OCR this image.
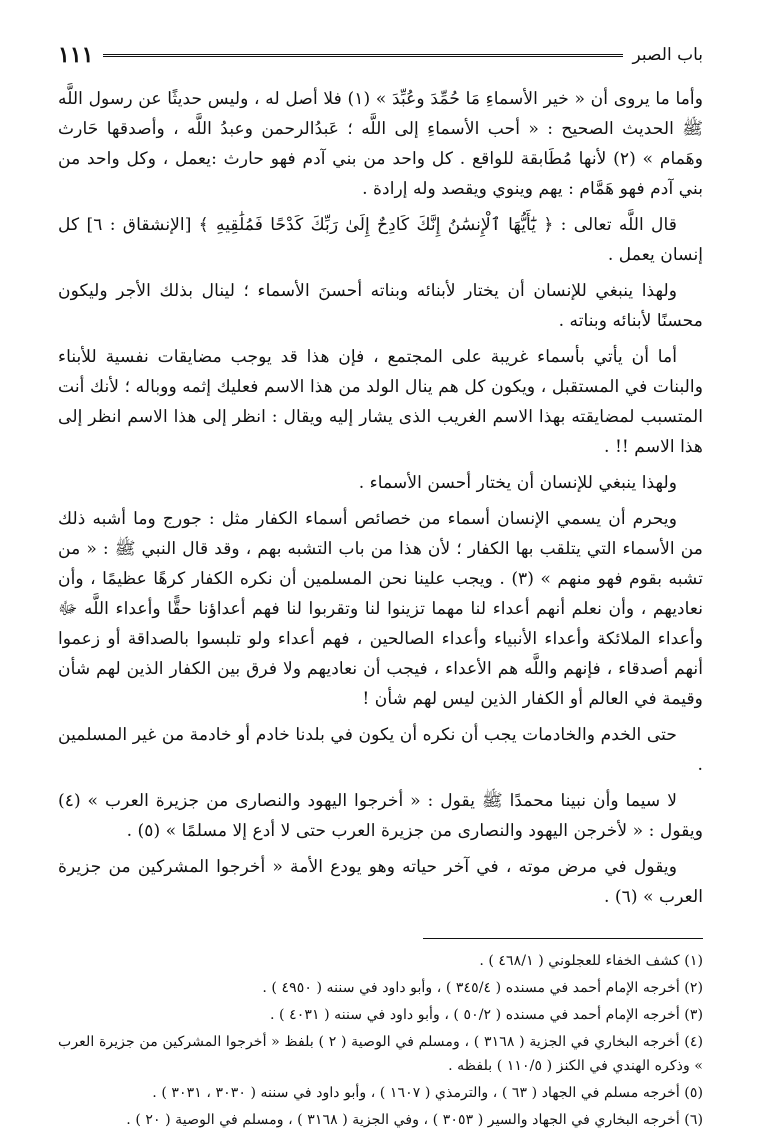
باب الصبر
١١١

وأما ما يروى أن « خير الأسماءِ مَا حُمِّدَ وعُبِّدَ » (١) فلا أصل له ، وليس حديثًا عن رسول اللَّه ﷺ الحديث الصحيح : « أحب الأسماءِ إلى اللَّه ؛ عَبدُالرحمن وعبدُ اللَّه ، وأصدقها حَارث وهَمام » (٢) لأنها مُطَابقة للواقع . كل واحد من بني آدم فهو حارث :يعمل ، وكل واحد من بني آدم فهو هَمَّام : يهم وينوي ويقصد وله إرادة .

قال اللَّه تعالى : ﴿ يَٰٓأَيُّهَا ٱلْإِنسَٰنُ إِنَّكَ كَادِحٌ إِلَىٰ رَبِّكَ كَدْحًا فَمُلَٰقِيهِ ﴾ [الإنشقاق : ٦] كل إنسان يعمل .

ولهذا ينبغي للإنسان أن يختار لأبنائه وبناته أحسنَ الأسماء ؛ لينال بذلك الأجر وليكون محسنًا لأبنائه وبناته .

أما أن يأتي بأسماء غريبة على المجتمع ، فإن هذا قد يوجب مضايقات نفسية للأبناء والبنات في المستقبل ، ويكون كل هم ينال الولد من هذا الاسم فعليك إثمه ووباله ؛ لأنك أنت المتسبب لمضايقته بهذا الاسم الغريب الذى يشار إليه ويقال : انظر إلى هذا الاسم انظر إلى هذا الاسم !! .

ولهذا ينبغي للإنسان أن يختار أحسن الأسماء .

ويحرم أن يسمي الإنسان أسماء من خصائص أسماء الكفار مثل : جورج وما أشبه ذلك من الأسماء التي يتلقب بها الكفار ؛ لأن هذا من باب التشبه بهم ، وقد قال النبي ﷺ : « من تشبه بقوم فهو منهم » (٣) . ويجب علينا نحن المسلمين أن نكره الكفار كرهًا عظيمًا ، وأن نعاديهم ، وأن نعلم أنهم أعداء لنا مهما تزينوا لنا وتقربوا لنا فهم أعداؤنا حقًّا وأعداء اللَّه ﷻ وأعداء الملائكة وأعداء الأنبياء وأعداء الصالحين ، فهم أعداء ولو تلبسوا بالصداقة أو زعموا أنهم أصدقاء ، فإنهم واللَّه هم الأعداء ، فيجب أن نعاديهم ولا فرق بين الكفار الذين لهم شأن وقيمة في العالم أو الكفار الذين ليس لهم شأن !

حتى الخدم والخادمات يجب أن نكره أن يكون في بلدنا خادم أو خادمة من غير المسلمين .

لا سيما وأن نبينا محمدًا ﷺ يقول : « أخرجوا اليهود والنصارى من جزيرة العرب » (٤) ويقول : « لأخرجن اليهود والنصارى من جزيرة العرب حتى لا أدع إلا مسلمًا » (٥) .

ويقول في مرض موته ، في آخر حياته وهو يودع الأمة « أخرجوا المشركين من جزيرة العرب » (٦) .

(١) كشف الخفاء للعجلوني ( ٤٦٨/١ ) .

(٢) أخرجه الإمام أحمد في مسنده ( ٣٤٥/٤ ) ، وأبو داود في سننه ( ٤٩٥٠ ) .

(٣) أخرجه الإمام أحمد في مسنده ( ٥٠/٢ ) ، وأبو داود في سننه ( ٤٠٣١ ) .

(٤) أخرجه البخاري في الجزية ( ٣١٦٨ ) ، ومسلم في الوصية ( ٢ ) بلفظ « أخرجوا المشركين من جزيرة العرب » وذكره الهندي في الكنز ( ١١٠/٥ ) بلفظه .

(٥) أخرجه مسلم في الجهاد ( ٦٣ ) ، والترمذي ( ١٦٠٧ ) ، وأبو داود في سننه ( ٣٠٣٠ ، ٣٠٣١ ) .

(٦) أخرجه البخاري في الجهاد والسير ( ٣٠٥٣ ) ، وفي الجزية ( ٣١٦٨ ) ، ومسلم في الوصية ( ٢٠ ) .
